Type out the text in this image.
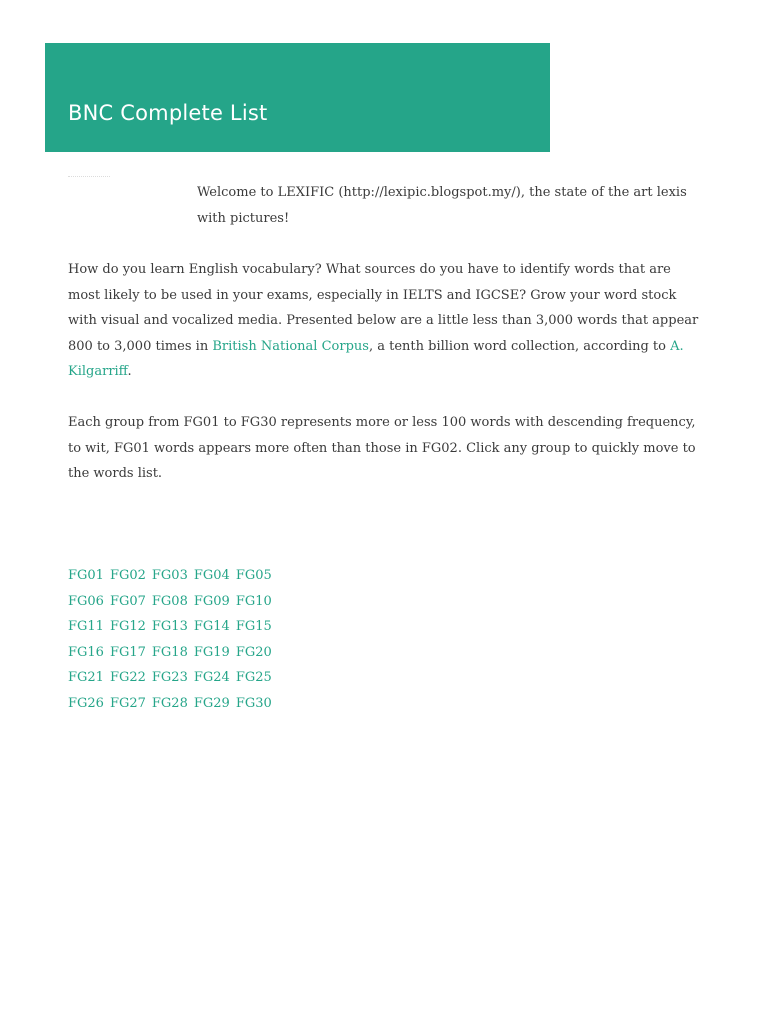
BNC Complete List

Welcome to LEXIFIC (http://lexipic.blogspot.my/), the state of the art lexis with pictures!

How do you learn English vocabulary? What sources do you have to identify words that are most likely to be used in your exams, especially in IELTS and IGCSE? Grow your word stock with visual and vocalized media. Presented below are a little less than 3,000 words that appear 800 to 3,000 times in British National Corpus, a tenth billion word collection, according to A. Kilgarriff.

Each group from FG01 to FG30 represents more or less 100 words with descending frequency, to wit, FG01 words appears more often than those in FG02. Click any group to quickly move to the words list.

FG01 FG02 FG03 FG04 FG05
FG06 FG07 FG08 FG09 FG10
FG11 FG12 FG13 FG14 FG15
FG16 FG17 FG18 FG19 FG20
FG21 FG22 FG23 FG24 FG25
FG26 FG27 FG28 FG29 FG30
